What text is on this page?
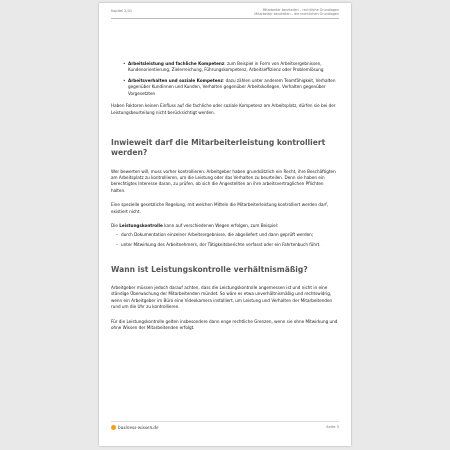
Kapitel 2/41	Mitarbeiter beurteilen – rechtliche Grundlagen
Mitarbeiter beurteilen – die rechtlichen Grundlagen
• Arbeitsleistung und fachliche Kompetenz: zum Beispiel in Form von Arbeitsergebnissen, Kundenorientierung, Zielerreichung, Führungskompetenz, Arbeitseffizienz oder Problemlösung
• Arbeitsverhalten und soziale Kompetenz: dazu zählen unter anderem Teamfähigkeit, Verhalten gegenüber Kundinnen und Kunden, Verhalten gegenüber Arbeitskollegen, Verhalten gegenüber Vorgesetzten

Haben Faktoren keinen Einfluss auf die fachliche oder soziale Kompetenz am Arbeitsplatz, dürfen sie bei der Leistungsbeurteilung nicht berücksichtigt werden.

Inwieweit darf die Mitarbeiterleistung kontrolliert werden?

Wer bewerten will, muss vorher kontrollieren. Arbeitgeber haben grundsätzlich ein Recht, ihre Beschäftigten am Arbeitsplatz zu kontrollieren, um die Leistung oder das Verhalten zu beurteilen. Denn sie haben ein berechtigtes Interesse daran, zu prüfen, ob sich die Angestellten an ihre arbeitsvertraglichen Pflichten halten.

Eine spezielle gesetzliche Regelung, mit welchen Mitteln die Mitarbeiterleistung kontrolliert werden darf, existiert nicht.

Die Leistungskontrolle kann auf verschiedenen Wegen erfolgen, zum Beispiel:

– durch Dokumentation einzelner Arbeitsergebnisse, die abgeliefert und dann geprüft werden;
– unter Mitwirkung des Arbeitnehmers, der Tätigkeitsberichte verfasst oder ein Fahrtenbuch führt.
Wann ist Leistungskontrolle verhältnismäßig?

Arbeitgeber müssen jedoch darauf achten, dass die Leistungskontrolle angemessen ist und nicht in eine ständige Überwachung der Mitarbeitenden mündet. So wäre es etwa unverhältnismäßig und rechtswidrig, wenn ein Arbeitgeber im Büro eine Videokamera installiert, um Leistung und Verhalten der Mitarbeitenden rund um die Uhr zu kontrollieren.

Für die Leistungskontrolle gelten insbesondere dann enge rechtliche Grenzen, wenn sie ohne Mitwirkung und ohne Wissen der Mitarbeitenden erfolgt.

business-wissen.de	Seite 3
